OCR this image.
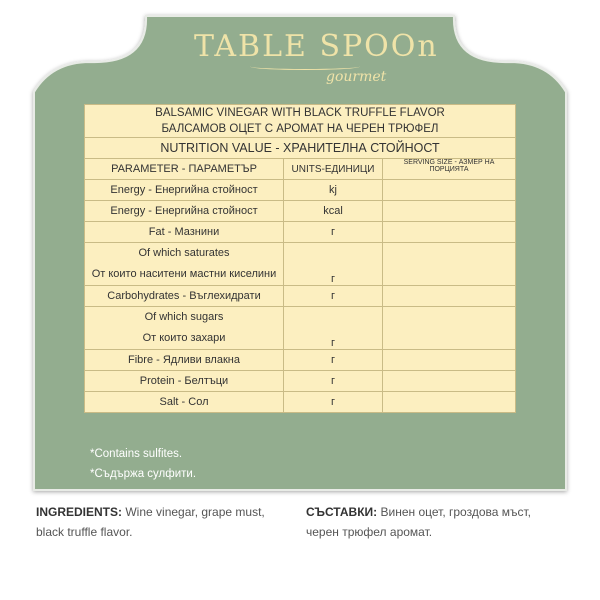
TABLE SPOOn
gourmet
BALSAMIC VINEGAR WITH BLACK TRUFFLE FLAVOR
БАЛСАМОВ ОЦЕТ С АРОМАТ НА ЧЕРЕН ТРЮФЕЛ		

NUTRITION VALUE - ХРАНИТЕЛНА СТОЙНОСТ		
PARAMETER - ПАРАМЕТЪР	UNITS-ЕДИНИЦИ	SERVING SIZE - АЗМЕР НА ПОРЦИЯТА
Energy - Енергийна стойност	kj	
Energy - Енергийна стойност	kcal	
Fat - Мазнини	г	

Of which saturates
От които наситени мастни киселини	г	
Carbohydrates - Въглехидрати	г	

Of which sugars
От които захари	г	
Fibre - Ядливи влакна	г	
Protein - Белтъци	г	
Salt - Сол	г	
*Contains sulfites.
*Съдържа сулфити.
INGREDIENTS: Wine vinegar, grape must, black truffle flavor.
СЪСТАВКИ: Винен оцет, гроздова мъст, черен трюфел аромат.
